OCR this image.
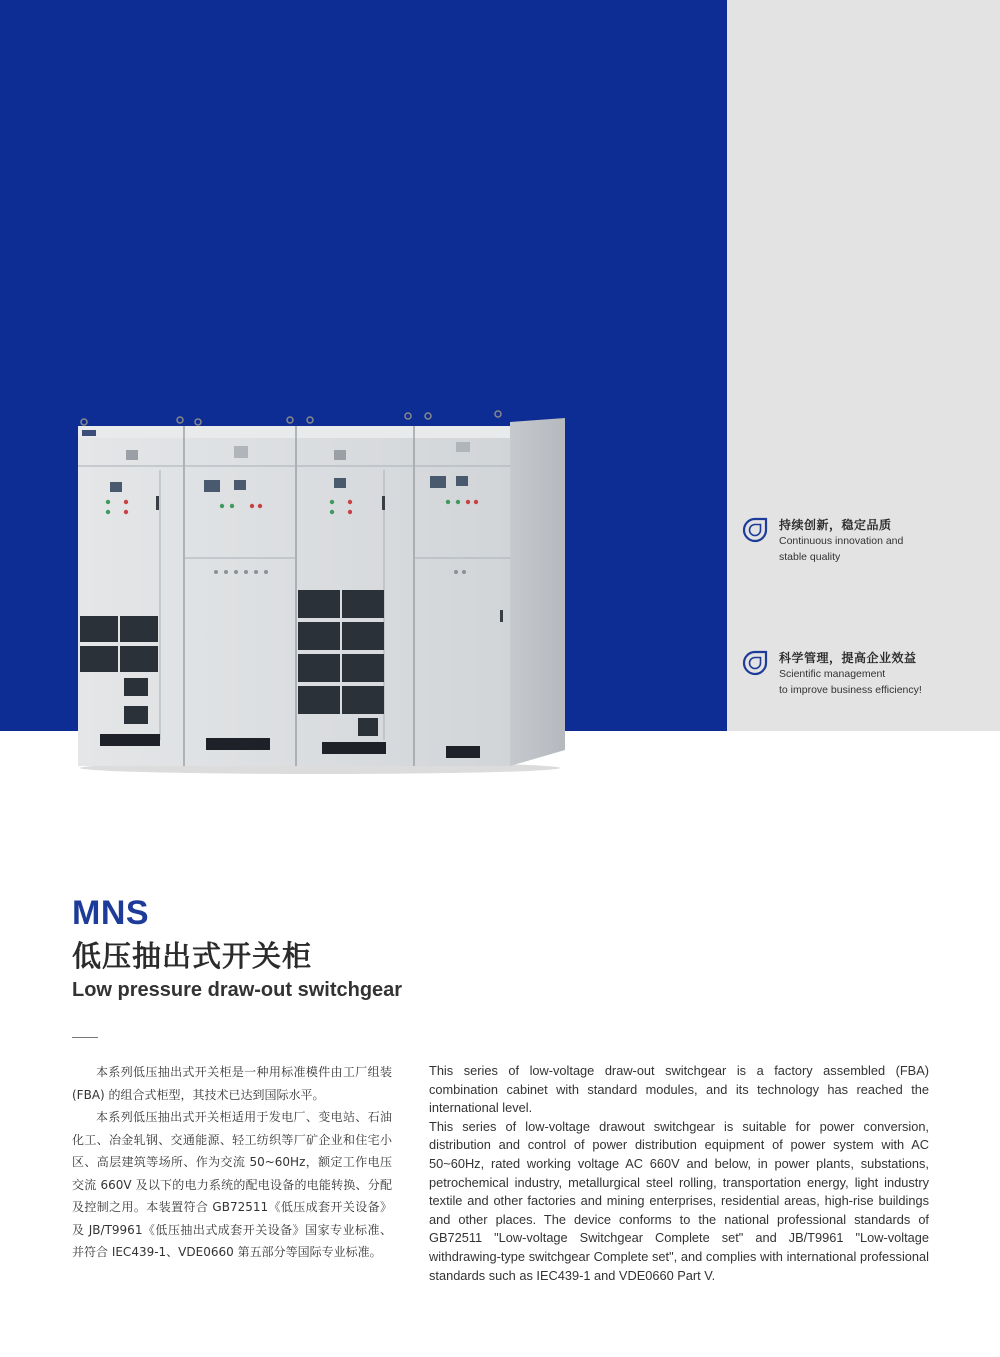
持续创新，稳定品质
Continuous innovation and
stable quality
科学管理，提高企业效益
Scientific management
to improve business efficiency!
MNS
低压抽出式开关柜
Low pressure draw-out switchgear

本系列低压抽出式开关柜是一种用标准模件由工厂组装 (FBA) 的组合式柜型，其技术已达到国际水平。

本系列低压抽出式开关柜适用于发电厂、变电站、石油化工、冶金轧钢、交通能源、轻工纺织等厂矿企业和住宅小区、高层建筑等场所、作为交流 50~60Hz，额定工作电压交流 660V 及以下的电力系统的配电设备的电能转换、分配及控制之用。本装置符合 GB72511《低压成套开关设备》及 JB/T9961《低压抽出式成套开关设备》国家专业标准、并符合 IEC439-1、VDE0660 第五部分等国际专业标准。

This series of low-voltage draw-out switchgear is a factory assembled (FBA) combination cabinet with standard modules, and its technology has reached the international level.

This series of low-voltage drawout switchgear is suitable for power conversion, distribution and control of power distribution equipment of power system with AC 50~60Hz, rated working voltage AC 660V and below, in power plants, substations, petrochemical industry, metallurgical steel rolling, transportation energy, light industry textile and other factories and mining enterprises, residential areas, high-rise buildings and other places. The device conforms to the national professional standards of GB72511 "Low-voltage Switchgear Complete set" and JB/T9961 "Low-voltage withdrawing-type switchgear Complete set", and complies with international professional standards such as IEC439-1 and VDE0660 Part V.
